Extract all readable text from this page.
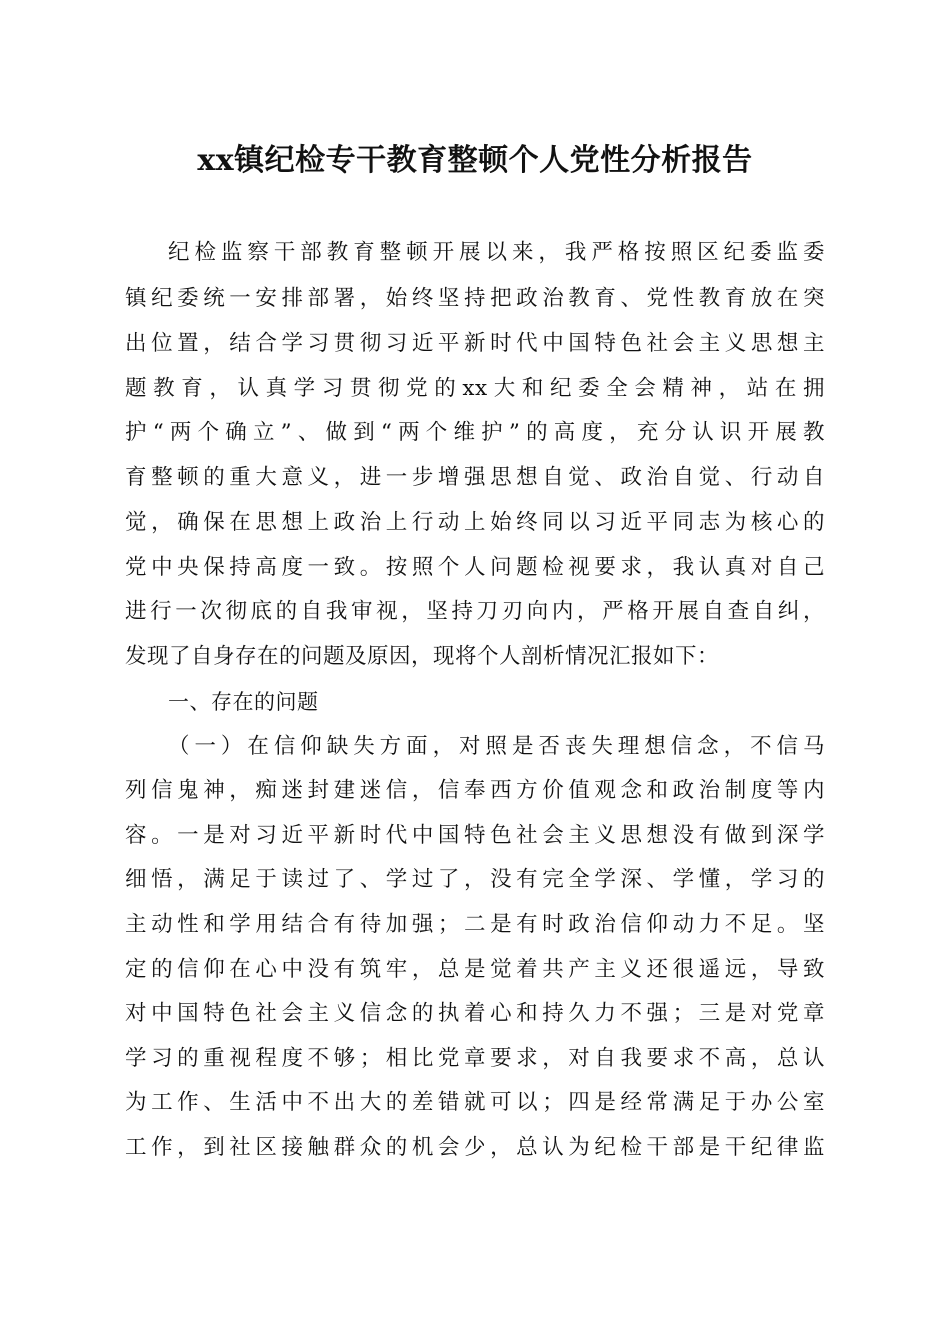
xx镇纪检专干教育整顿个人党性分析报告
纪检监察干部教育整顿开展以来，我严格按照区纪委监委
镇纪委统一安排部署，始终坚持把政治教育、党性教育放在突
出位置，结合学习贯彻习近平新时代中国特色社会主义思想主
题教育，认真学习贯彻党的xx大和纪委全会精神，站在拥
护“两个确立”、做到“两个维护”的高度，充分认识开展教
育整顿的重大意义，进一步增强思想自觉、政治自觉、行动自
觉，确保在思想上政治上行动上始终同以习近平同志为核心的
党中央保持高度一致。按照个人问题检视要求，我认真对自己
进行一次彻底的自我审视，坚持刀刃向内，严格开展自查自纠，
发现了自身存在的问题及原因，现将个人剖析情况汇报如下：
一、存在的问题
（一）在信仰缺失方面，对照是否丧失理想信念，不信马
列信鬼神，痴迷封建迷信，信奉西方价值观念和政治制度等内
容。一是对习近平新时代中国特色社会主义思想没有做到深学
细悟，满足于读过了、学过了，没有完全学深、学懂，学习的
主动性和学用结合有待加强；二是有时政治信仰动力不足。坚
定的信仰在心中没有筑牢，总是觉着共产主义还很遥远，导致
对中国特色社会主义信念的执着心和持久力不强；三是对党章
学习的重视程度不够；相比党章要求，对自我要求不高，总认
为工作、生活中不出大的差错就可以；四是经常满足于办公室
工作，到社区接触群众的机会少，总认为纪检干部是干纪律监
